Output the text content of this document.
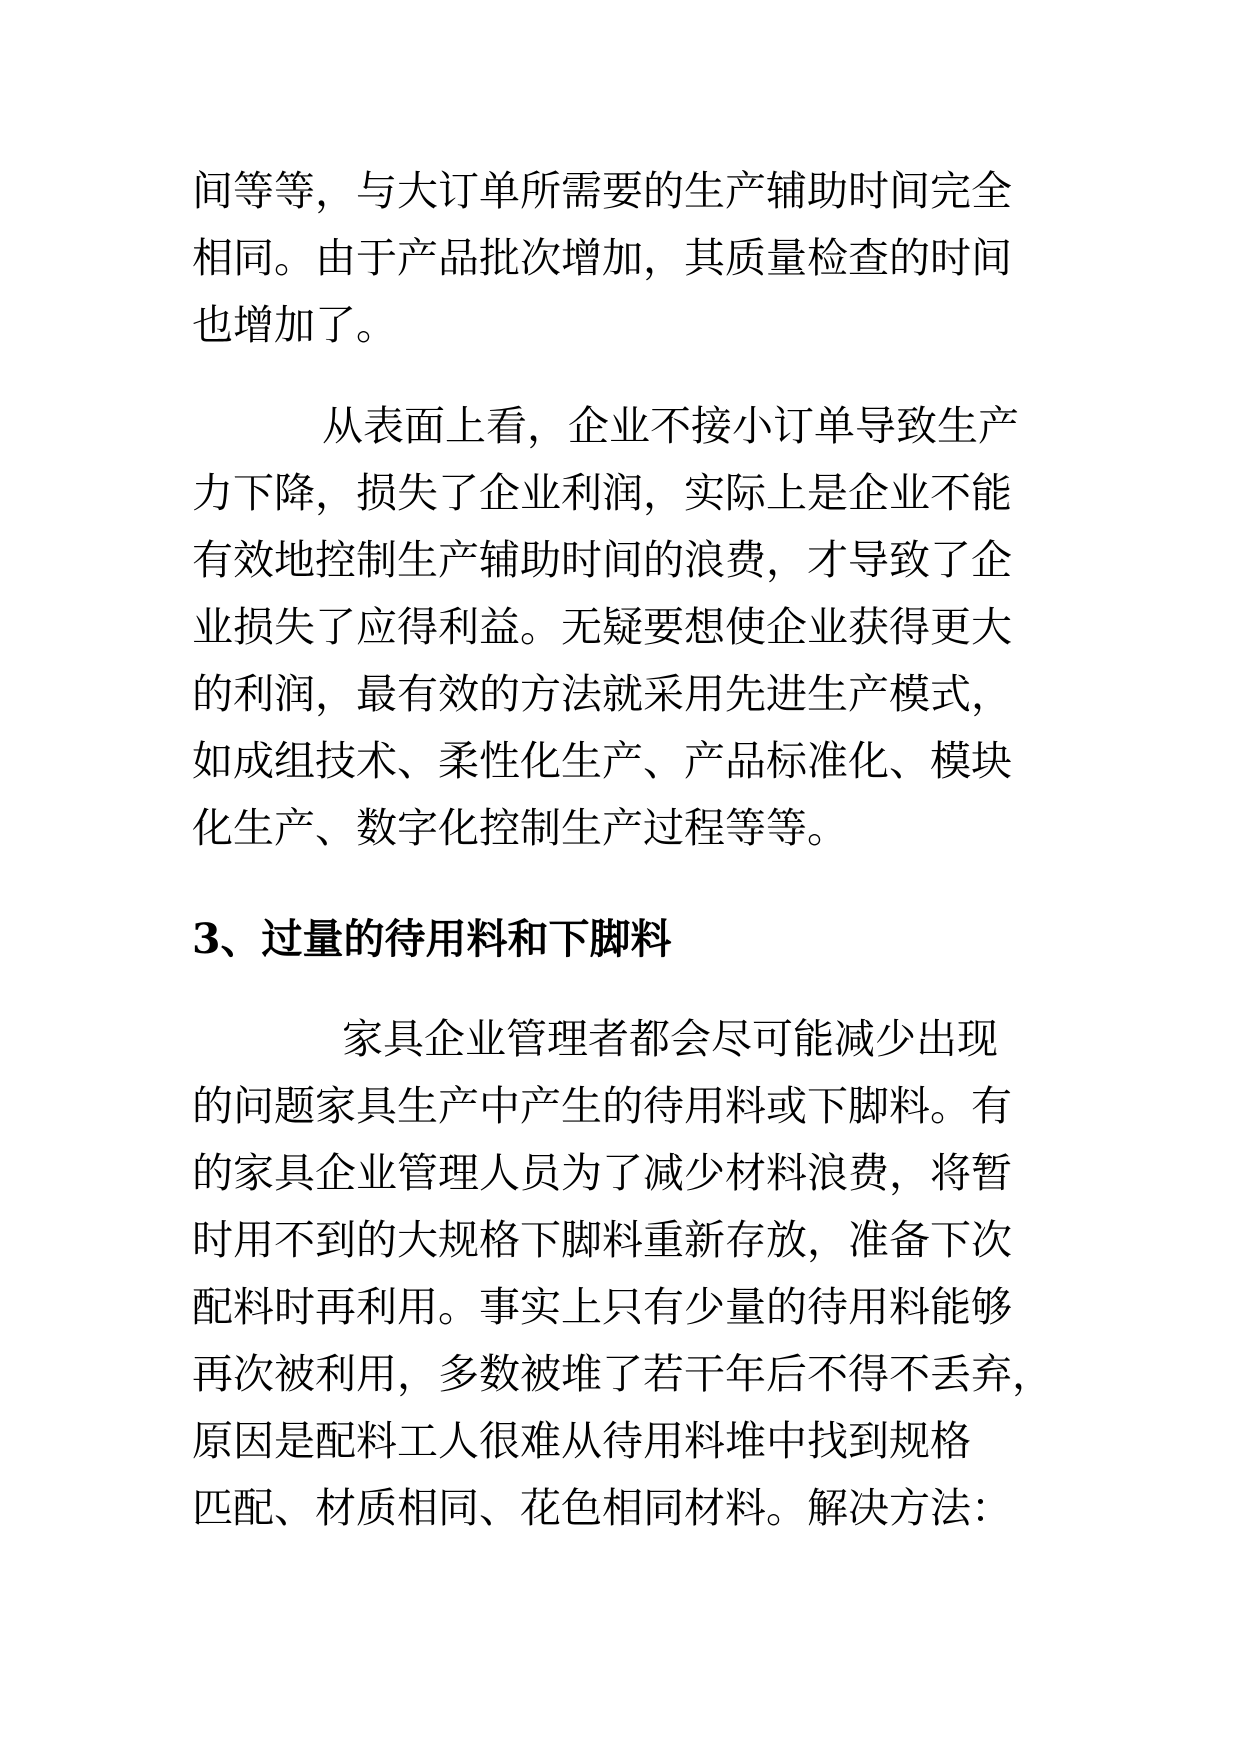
间等等，与大订单所需要的生产辅助时间完全
相同。由于产品批次增加，其质量检查的时间
也增加了。
从表面上看，企业不接小订单导致生产
力下降，损失了企业利润，实际上是企业不能
有效地控制生产辅助时间的浪费，才导致了企
业损失了应得利益。无疑要想使企业获得更大
的利润，最有效的方法就采用先进生产模式，
如成组技术、柔性化生产、产品标准化、模块
化生产、数字化控制生产过程等等。
3、过量的待用料和下脚料
家具企业管理者都会尽可能减少出现
的问题家具生产中产生的待用料或下脚料。有
的家具企业管理人员为了减少材料浪费，将暂
时用不到的大规格下脚料重新存放，准备下次
配料时再利用。事实上只有少量的待用料能够
再次被利用，多数被堆了若干年后不得不丢弃，
原因是配料工人很难从待用料堆中找到规格
匹配、材质相同、花色相同材料。解决方法：
